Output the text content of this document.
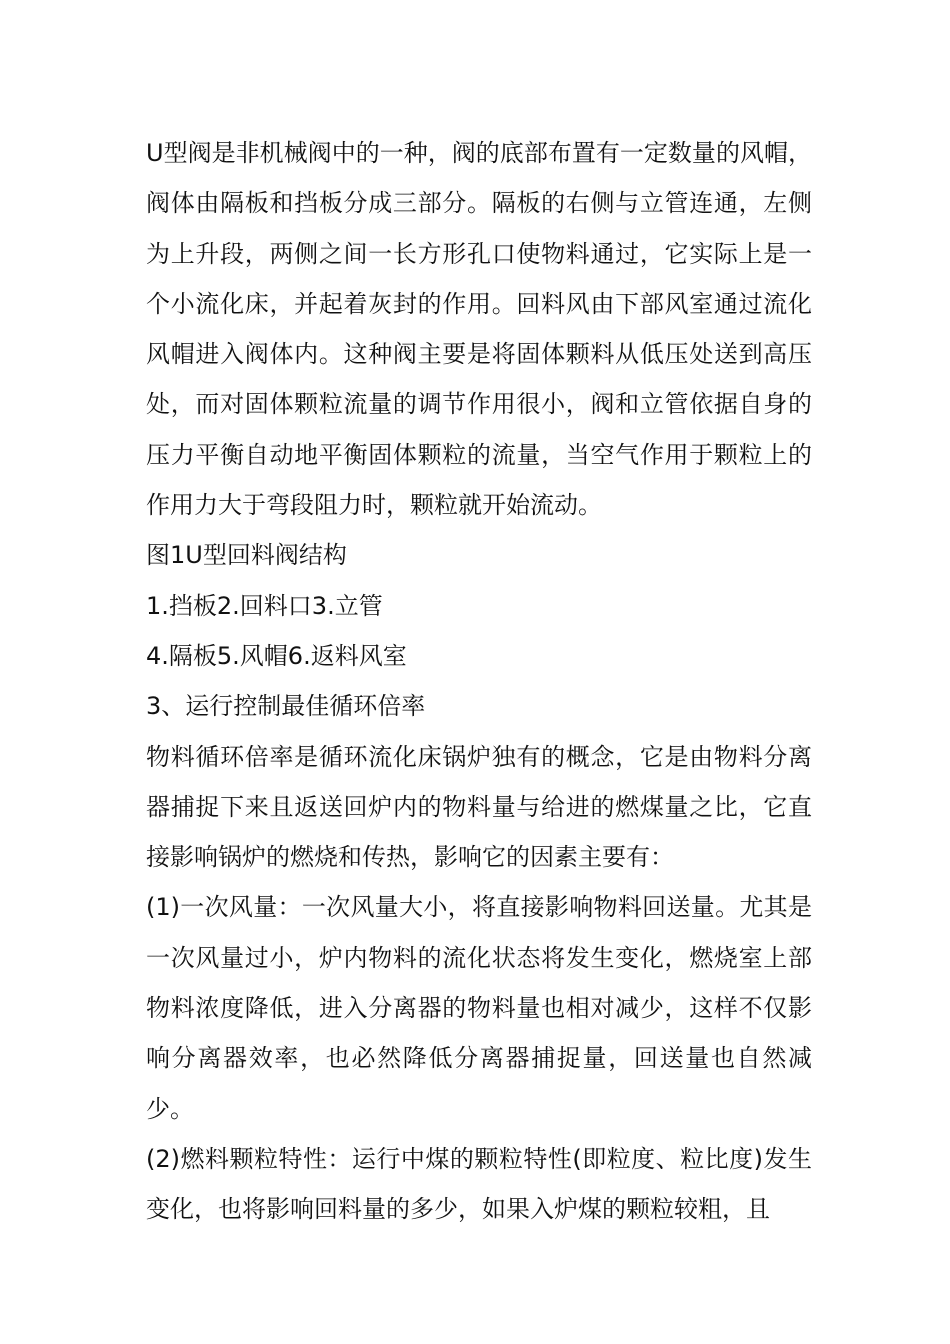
U型阀是非机械阀中的一种，阀的底部布置有一定数量的风帽，阀体由隔板和挡板分成三部分。隔板的右侧与立管连通，左侧为上升段，两侧之间一长方形孔口使物料通过，它实际上是一个小流化床，并起着灰封的作用。回料风由下部风室通过流化风帽进入阀体内。这种阀主要是将固体颗料从低压处送到高压处，而对固体颗粒流量的调节作用很小，阀和立管依据自身的压力平衡自动地平衡固体颗粒的流量，当空气作用于颗粒上的作用力大于弯段阻力时，颗粒就开始流动。

图1U型回料阀结构

1.挡板2.回料口3.立管

4.隔板5.风帽6.返料风室

3、运行控制最佳循环倍率

物料循环倍率是循环流化床锅炉独有的概念，它是由物料分离器捕捉下来且返送回炉内的物料量与给进的燃煤量之比，它直接影响锅炉的燃烧和传热，影响它的因素主要有：

(1)一次风量：一次风量大小，将直接影响物料回送量。尤其是一次风量过小，炉内物料的流化状态将发生变化，燃烧室上部物料浓度降低，进入分离器的物料量也相对减少，这样不仅影响分离器效率，也必然降低分离器捕捉量，回送量也自然减少。

(2)燃料颗粒特性：运行中煤的颗粒特性(即粒度、粒比度)发生变化，也将影响回料量的多少，如果入炉煤的颗粒较粗，且
